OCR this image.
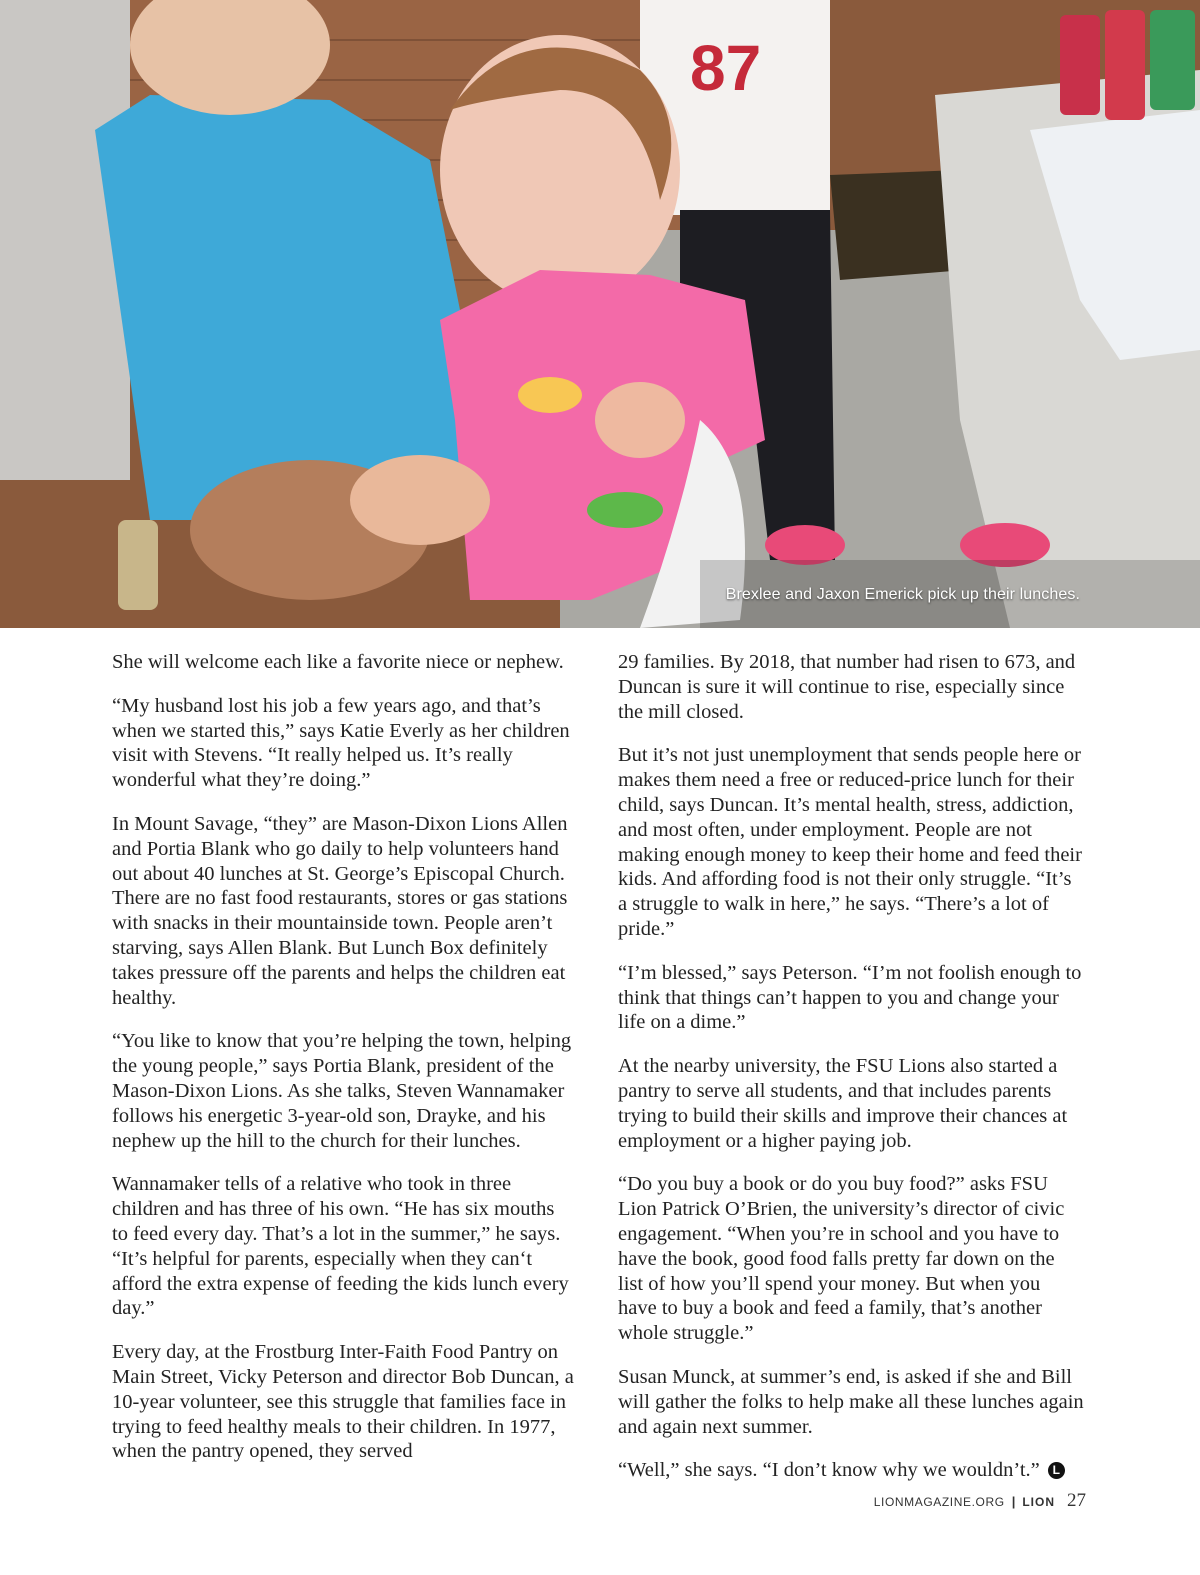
87
Brexlee and Jaxon Emerick pick up their lunches.

She will welcome each like a favorite niece or nephew.

“My husband lost his job a few years ago, and that’s when we started this,” says Katie Everly as her children visit with Stevens. “It really helped us. It’s really wonderful what they’re doing.”

In Mount Savage, “they” are Mason-Dixon Lions Allen and Portia Blank who go daily to help volunteers hand out about 40 lunches at St. George’s Episcopal Church. There are no fast food restaurants, stores or gas stations with snacks in their mountainside town. People aren’t starving, says Allen Blank. But Lunch Box definitely takes pressure off the parents and helps the children eat healthy.

“You like to know that you’re helping the town, helping the young people,” says Portia Blank, president of the Mason-Dixon Lions. As she talks, Steven Wannamaker follows his energetic 3-year-old son, Drayke, and his nephew up the hill to the church for their lunches.

Wannamaker tells of a relative who took in three children and has three of his own. “He has six mouths to feed every day. That’s a lot in the summer,” he says. “It’s helpful for parents, especially when they can‘t afford the extra expense of feeding the kids lunch every day.”

Every day, at the Frostburg Inter-Faith Food Pantry on Main Street, Vicky Peterson and director Bob Duncan, a 10-year volunteer, see this struggle that families face in trying to feed healthy meals to their children. In 1977, when the pantry opened, they served

29 families. By 2018, that number had risen to 673, and Duncan is sure it will continue to rise, especially since the mill closed.

But it’s not just unemployment that sends people here or makes them need a free or reduced-price lunch for their child, says Duncan. It’s mental health, stress, addiction, and most often, under employment. People are not making enough money to keep their home and feed their kids. And affording food is not their only struggle. “It’s a struggle to walk in here,” he says. “There’s a lot of pride.”

“I’m blessed,” says Peterson. “I’m not foolish enough to think that things can’t happen to you and change your life on a dime.”

At the nearby university, the FSU Lions also started a pantry to serve all students, and that includes parents trying to build their skills and improve their chances at employment or a higher paying job.

“Do you buy a book or do you buy food?” asks FSU Lion Patrick O’Brien, the university’s director of civic engagement. “When you’re in school and you have to have the book, good food falls pretty far down on the list of how you’ll spend your money. But when you have to buy a book and feed a family, that’s another whole struggle.”

Susan Munck, at summer’s end, is asked if she and Bill will gather the folks to help make all these lunches again and again next summer.

“Well,” she says. “I don’t know why we wouldn’t.” L

LIONMAGAZINE.ORG | LION 27
